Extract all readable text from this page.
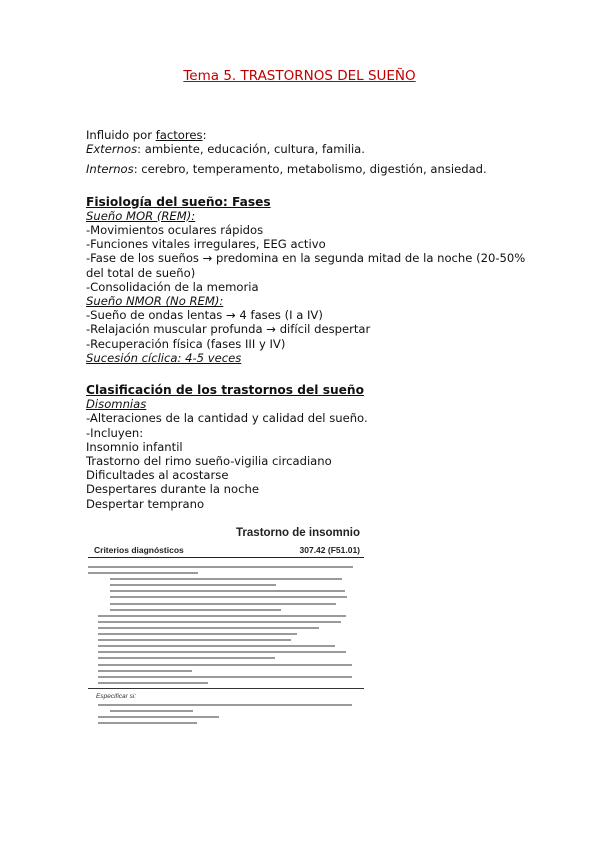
Tema 5. TRASTORNOS DEL SUEÑO
Influido por factores:
Externos: ambiente, educación, cultura, familia.
Internos: cerebro, temperamento, metabolismo, digestión, ansiedad.
Fisiología del sueño: Fases
Sueño MOR (REM):
-Movimientos oculares rápidos
-Funciones vitales irregulares, EEG activo
-Fase de los sueños → predomina en la segunda mitad de la noche (20-50% del total de sueño)
-Consolidación de la memoria
Sueño NMOR (No REM):
-Sueño de ondas lentas → 4 fases (I a IV)
-Relajación muscular profunda → difícil despertar
-Recuperación física (fases III y IV)
Sucesión cíclica: 4-5 veces
Clasificación de los trastornos del sueño
Disomnias
-Alteraciones de la cantidad y calidad del sueño.
-Incluyen:
Insomnio infantil
Trastorno del rimo sueño-vigilia circadiano
Dificultades al acostarse
Despertares durante la noche
Despertar temprano
Trastorno de insomnio
Criterios diagnósticos	307.42 (F51.01)
Especificar si:
